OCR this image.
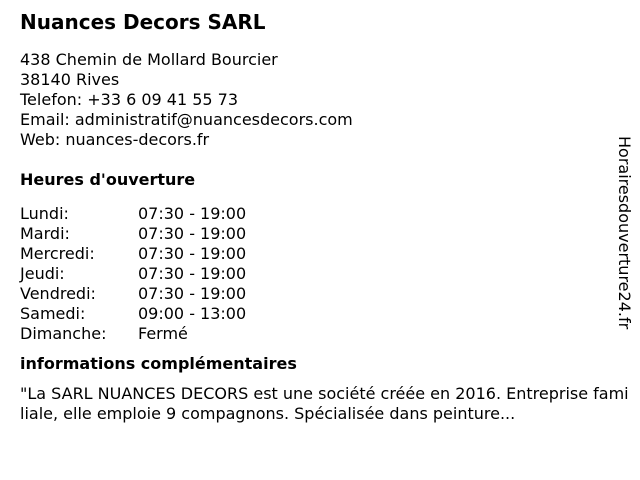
Nuances Decors SARL
438 Chemin de Mollard Bourcier
38140 Rives
Telefon: +33 6 09 41 55 73
Email: administratif@nuancesdecors.com
Web: nuances-decors.fr
Heures d'ouverture
Lundi:	07:30 - 19:00
Mardi:	07:30 - 19:00
Mercredi:	07:30 - 19:00
Jeudi:	07:30 - 19:00
Vendredi:	07:30 - 19:00
Samedi:	09:00 - 13:00
Dimanche: Fermé
informations complémentaires
"La SARL NUANCES DECORS est une société créée en 2016. Entreprise familiale, elle emploie 9 compagnons. Spécialisée dans peinture...
Horairesdouverture24.fr
